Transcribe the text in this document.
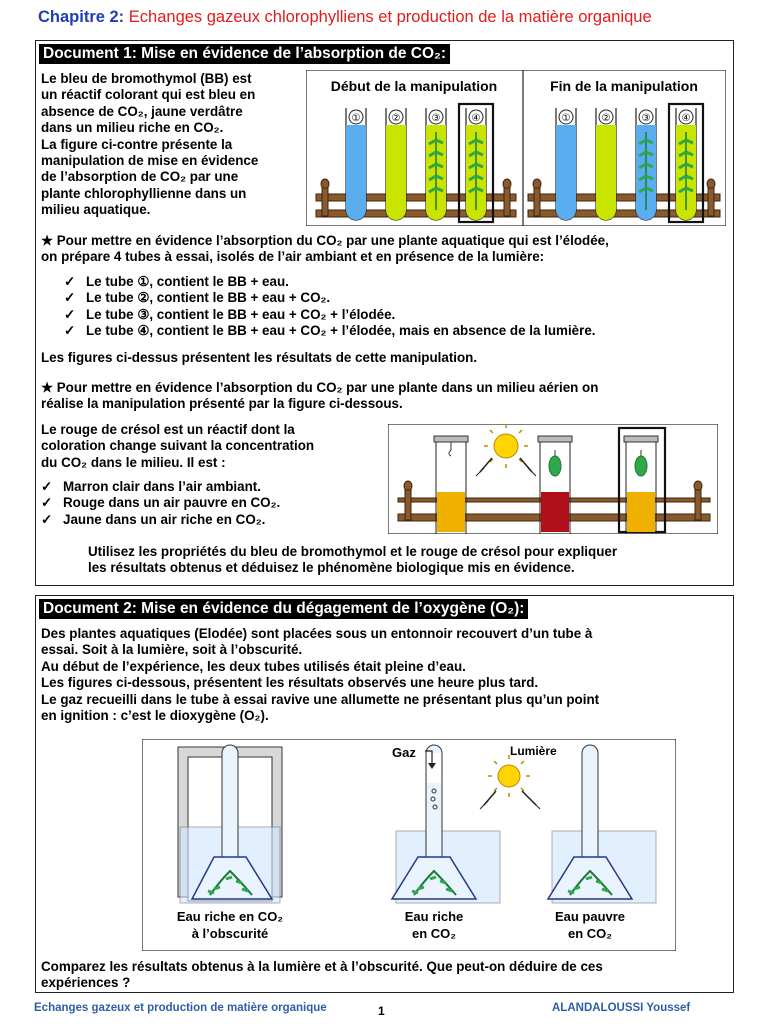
Chapitre 2: Echanges gazeux chlorophylliens et production de la matière organique
Document 1: Mise en évidence de l’absorption de CO₂:
Le bleu de bromothymol (BB) est
un réactif colorant qui est bleu en
absence de CO₂, jaune verdâtre
dans un milieu riche en CO₂.
La figure ci-contre présente la
manipulation de mise en évidence
de l’absorption de CO₂ par une
plante chlorophyllienne dans un
milieu aquatique.
Début de la manipulation	Fin de la manipulation
①	②	③	④	①	②	③	④
★ Pour mettre en évidence l’absorption du CO₂ par une plante aquatique qui est l’élodée,
on prépare 4 tubes à essai, isolés de l’air ambiant et en présence de la lumière:
✓ Le tube ①, contient le BB + eau.
✓ Le tube ②, contient le BB + eau + CO₂.
✓ Le tube ③, contient le BB + eau + CO₂ + l’élodée.
✓ Le tube ④, contient le BB + eau + CO₂ + l’élodée, mais en absence de la lumière.
Les figures ci-dessus présentent les résultats de cette manipulation.
★ Pour mettre en évidence l’absorption du CO₂ par une plante dans un milieu aérien on
réalise la manipulation présenté par la figure ci-dessous.
Le rouge de crésol est un réactif dont la
coloration change suivant la concentration
du CO₂ dans le milieu. Il est :
✓ Marron clair dans l’air ambiant.
✓ Rouge dans un air pauvre en CO₂.
✓ Jaune dans un air riche en CO₂.
Utilisez les propriétés du bleu de bromothymol et le rouge de crésol pour expliquer
les résultats obtenus et déduisez le phénomène biologique mis en évidence.
Document 2: Mise en évidence du dégagement de l’oxygène (O₂):
Des plantes aquatiques (Elodée) sont placées sous un entonnoir recouvert d’un tube à
essai. Soit à la lumière, soit à l’obscurité.
Au début de l’expérience, les deux tubes utilisés était pleine d’eau.
Les figures ci-dessous, présentent les résultats observés une heure plus tard.
Le gaz recueilli dans le tube à essai ravive une allumette ne présentant plus qu’un point
en ignition : c’est le dioxygène (O₂).
Gaz	Lumière
Eau riche en CO₂
à l’obscurité
Eau riche
en CO₂
Eau pauvre
en CO₂
Comparez les résultats obtenus à la lumière et à l’obscurité. Que peut-on déduire de ces
expériences ?
Echanges gazeux et production de matière organique	1	ALANDALOUSSI Youssef
